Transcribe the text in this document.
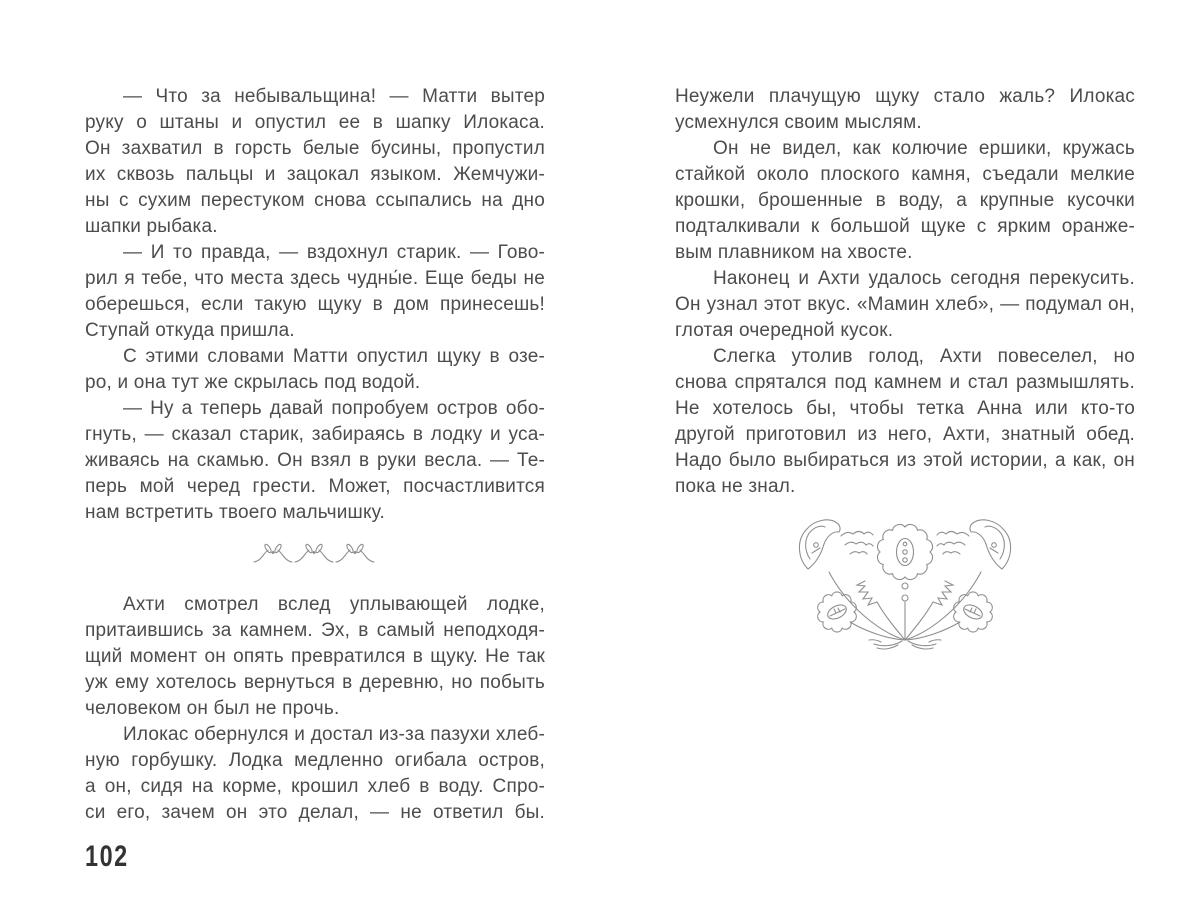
— Что за небывальщина! — Матти вытер
руку о штаны и опустил ее в шапку Илокаса.
Он захватил в горсть белые бусины, пропустил
их сквозь пальцы и зацокал языком. Жемчужи-
ны с сухим перестуком снова ссыпались на дно
шапки рыбака.
— И то правда, — вздохнул старик. — Гово-
рил я тебе, что места здесь чудны́е. Еще беды не
оберешься, если такую щуку в дом принесешь!
Ступай откуда пришла.
С этими словами Матти опустил щуку в озе-
ро, и она тут же скрылась под водой.
— Ну а теперь давай попробуем остров обо-
гнуть, — сказал старик, забираясь в лодку и уса-
живаясь на скамью. Он взял в руки весла. — Те-
перь мой черед грести. Может, посчастливится
нам встретить твоего мальчишку.
Ахти смотрел вслед уплывающей лодке,
притаившись за камнем. Эх, в самый неподходя-
щий момент он опять превратился в щуку. Не так
уж ему хотелось вернуться в деревню, но побыть
человеком он был не прочь.
Илокас обернулся и достал из-за пазухи хлеб-
ную горбушку. Лодка медленно огибала остров,
а он, сидя на корме, крошил хлеб в воду. Спро-
си его, зачем он это делал, — не ответил бы.
Неужели плачущую щуку стало жаль? Илокас
усмехнулся своим мыслям.
Он не видел, как колючие ершики, кружась
стайкой около плоского камня, съедали мелкие
крошки, брошенные в воду, а крупные кусочки
подталкивали к большой щуке с ярким оранже-
вым плавником на хвосте.
Наконец и Ахти удалось сегодня перекусить.
Он узнал этот вкус. «Мамин хлеб», — подумал он,
глотая очередной кусок.
Слегка утолив голод, Ахти повеселел, но
снова спрятался под камнем и стал размышлять.
Не хотелось бы, чтобы тетка Анна или кто-то
другой приготовил из него, Ахти, знатный обед.
Надо было выбираться из этой истории, а как, он
пока не знал.
102
